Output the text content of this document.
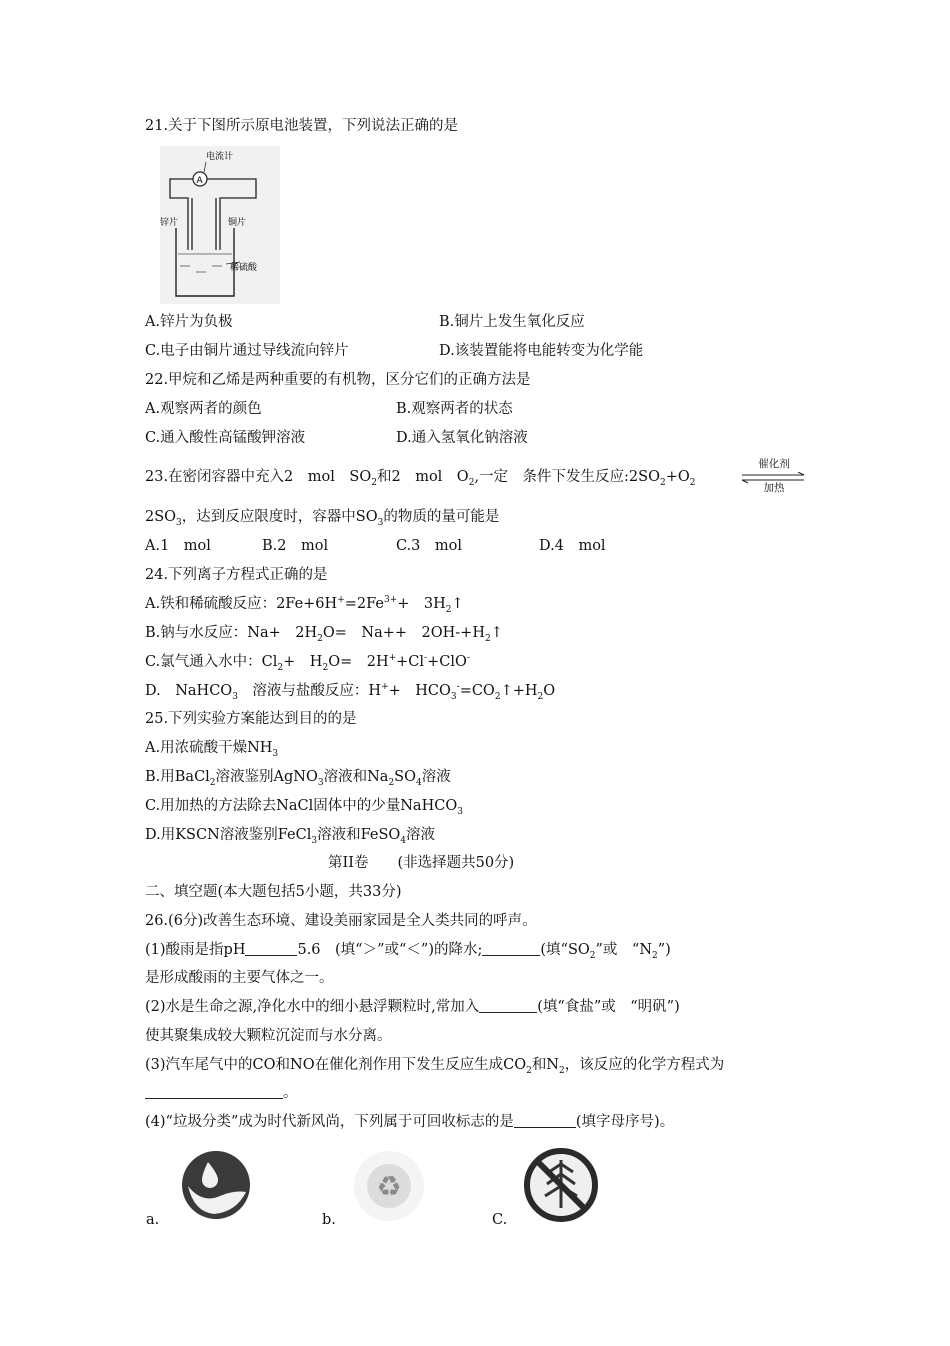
21.关于下图所示原电池装置，下列说法正确的是
电流计
A
锌片	铜片
稀硫酸
A.锌片为负极	B.铜片上发生氧化反应
C.电子由铜片通过导线流向锌片	D.该装置能将电能转变为化学能
22.甲烷和乙烯是两种重要的有机物，区分它们的正确方法是
A.观察两者的颜色	B.观察两者的状态
C.通入酸性高锰酸钾溶液	D.通入氢氧化钠溶液
23.在密闭容器中充入2　mol　$SO_2$和2　mol　$O_2$,一定　条件下发生反应$:2SO_2+O_2$
催化剂
加热
$2SO_3$，达到反应限度时，容器中$SO_3$的物质的量可能是
A.1　mol	B.2　mol	C.3　mol	D.4　mol
24.下列离子方程式正确的是
A.铁和稀硫酸反应：$2Fe+6H^+=2Fe^{3+}+$　$3H_2↑$
B.钠与水反应：Na+　$2H_2O=$　Na++　$2OH-+H_2↑$
C.氯气通入水中：$Cl_2+$　$H_2O=$　2H++Cl-+ClO-
D.　NaHCO$_3$　溶液与盐酸反应：H++　$HCO_3^-=CO_2↑+H_2O$
25.下列实验方案能达到目的的是
A.用浓硫酸干燥$NH_3$
B.用BaCl$_2$溶液鉴别AgNO$_3$溶液和$Na_2SO_4$溶液
C.用加热的方法除去NaCl固体中的少量NaHCO$_3$
D.用KSCN溶液鉴别FeCl$_3$溶液和FeSO$_4$溶液
第II卷　　(非选择题共50分)
二、填空题(本大题包括5小题，共33分)
26.(6分)改善生态环境、建设美丽家园是全人类共同的呼声。
(1)酸雨是指pH	5.6　(填“＞”或“＜”)的降水;	(填“$SO_2$”或　“$N_2$”)
是形成酸雨的主要气体之一。
(2)水是生命之源,净化水中的细小悬浮颗粒时,常加入	(填“食盐”或　“明矾”)
使其聚集成较大颗粒沉淀而与水分离。
(3)汽车尾气中的CO和NO在催化剂作用下发生反应生成$CO_2$和$N_2$，该反应的化学方程式为
。
(4)“垃圾分类”成为时代新风尚，下列属于可回收标志的是	(填字母序号)。
a.
♻
b.	C.
